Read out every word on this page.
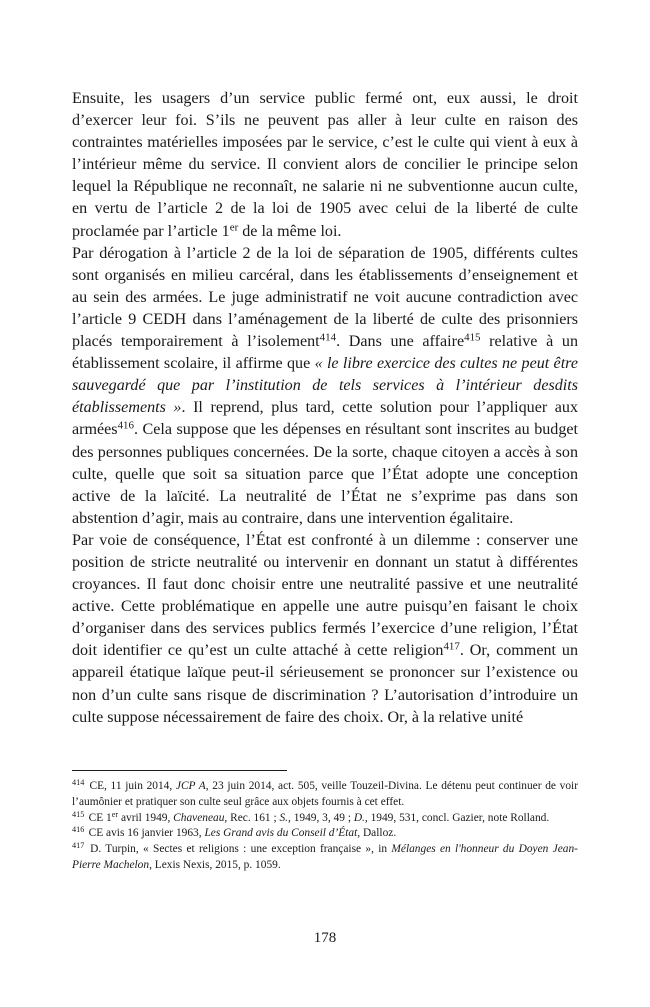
Ensuite, les usagers d’un service public fermé ont, eux aussi, le droit d’exercer leur foi. S’ils ne peuvent pas aller à leur culte en raison des contraintes matérielles imposées par le service, c’est le culte qui vient à eux à l’intérieur même du service. Il convient alors de concilier le principe selon lequel la République ne reconnaît, ne salarie ni ne subventionne aucun culte, en vertu de l’article 2 de la loi de 1905 avec celui de la liberté de culte proclamée par l’article 1er de la même loi.

Par dérogation à l’article 2 de la loi de séparation de 1905, différents cultes sont organisés en milieu carcéral, dans les établissements d’enseignement et au sein des armées. Le juge administratif ne voit aucune contradiction avec l’article 9 CEDH dans l’aménagement de la liberté de culte des prisonniers placés temporairement à l’isolement$^{414}$. Dans une affaire$^{415}$ relative à un établissement scolaire, il affirme que « le libre exercice des cultes ne peut être sauvegardé que par l’institution de tels services à l’intérieur desdits établissements ». Il reprend, plus tard, cette solution pour l’appliquer aux armées$^{416}$. Cela suppose que les dépenses en résultant sont inscrites au budget des personnes publiques concernées. De la sorte, chaque citoyen a accès à son culte, quelle que soit sa situation parce que l’État adopte une conception active de la laïcité. La neutralité de l’État ne s’exprime pas dans son abstention d’agir, mais au contraire, dans une intervention égalitaire.

Par voie de conséquence, l’État est confronté à un dilemme : conserver une position de stricte neutralité ou intervenir en donnant un statut à différentes croyances. Il faut donc choisir entre une neutralité passive et une neutralité active. Cette problématique en appelle une autre puisqu’en faisant le choix d’organiser dans des services publics fermés l’exercice d’une religion, l’État doit identifier ce qu’est un culte attaché à cette religion$^{417}$. Or, comment un appareil étatique laïque peut-il sérieusement se prononcer sur l’existence ou non d’un culte sans risque de discrimination ? L’autorisation d’introduire un culte suppose nécessairement de faire des choix. Or, à la relative unité

$^{414}$ CE, 11 juin 2014, JCP A, 23 juin 2014, act. 505, veille Touzeil-Divina. Le détenu peut continuer de voir l’aumônier et pratiquer son culte seul grâce aux objets fournis à cet effet.

$^{415}$ CE 1er avril 1949, Chaveneau, Rec. 161 ; S., 1949, 3, 49 ; D., 1949, 531, concl. Gazier, note Rolland.

$^{416}$ CE avis 16 janvier 1963, Les Grand avis du Conseil d’État, Dalloz.

$^{417}$ D. Turpin, « Sectes et religions : une exception française », in Mélanges en l'honneur du Doyen Jean-Pierre Machelon, Lexis Nexis, 2015, p. 1059.

178
